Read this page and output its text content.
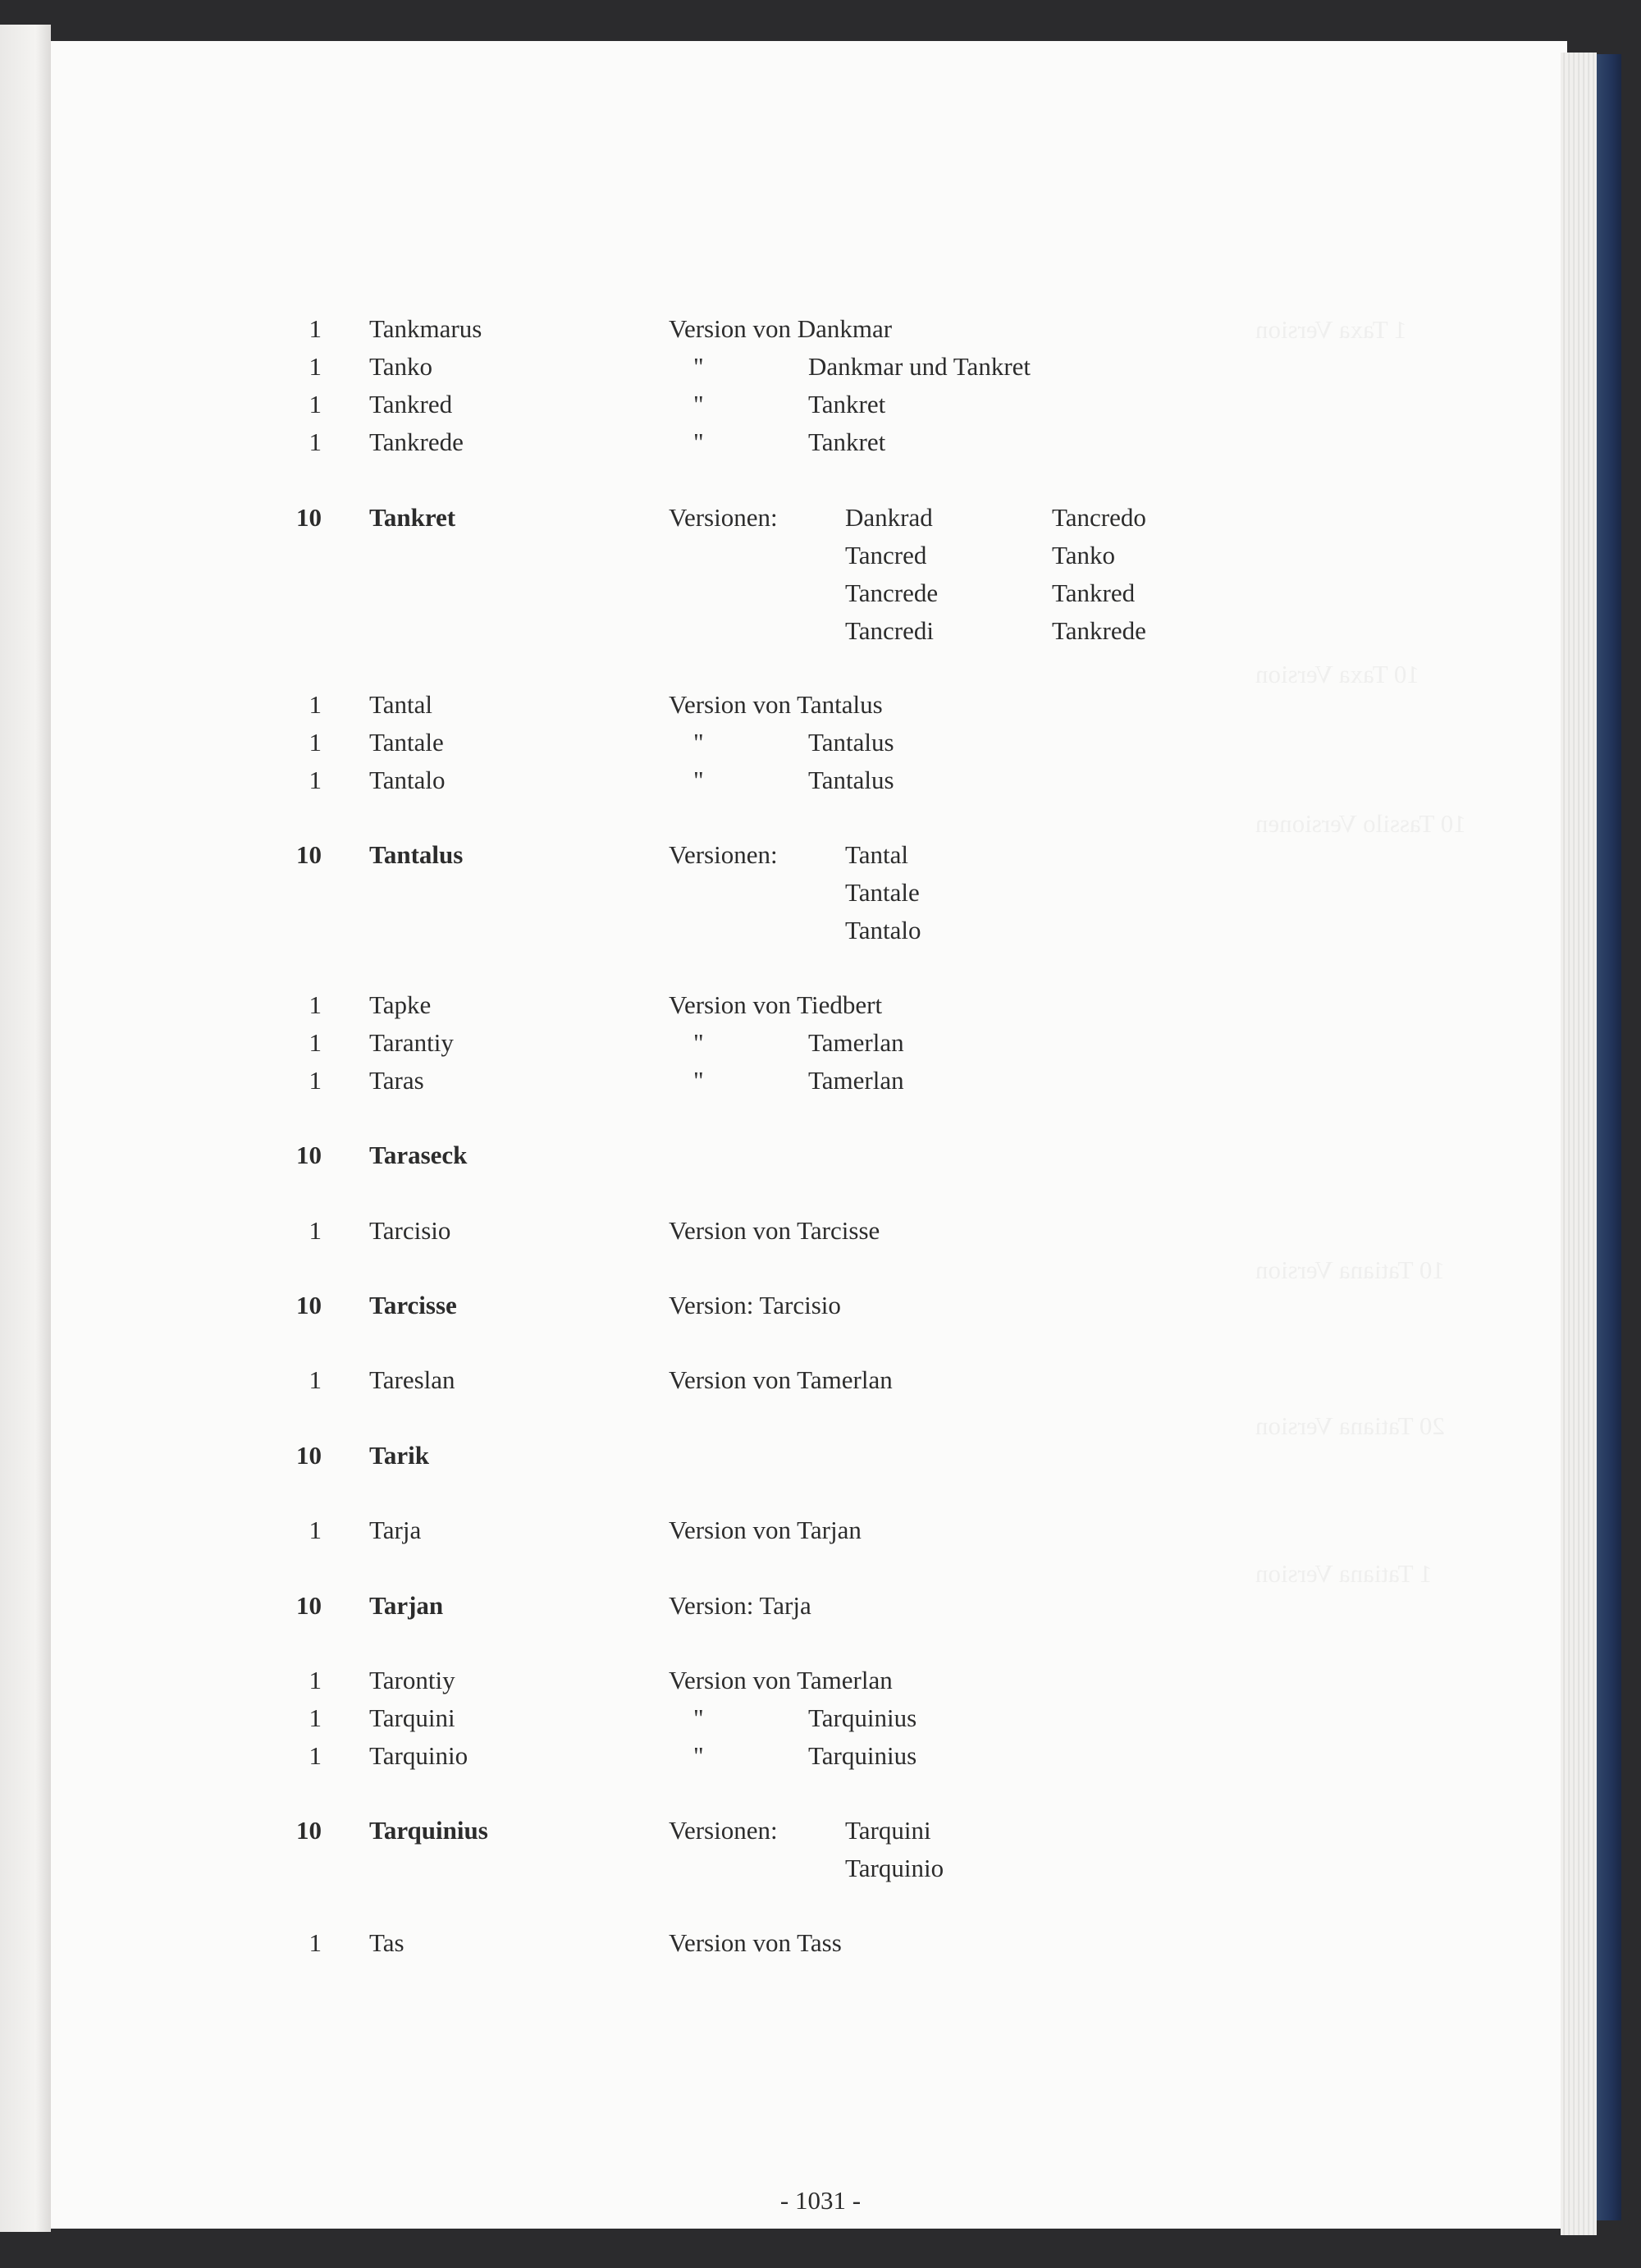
1 Taxa Version
10 Taxa Version
10 Tassilo Versionen
10 Tatiana Version
20 Tatiana Version
1 Tatiana Version
1 Tankmarus	Version von Dankmar
1 Tanko	"	Dankmar und Tankret
1 Tankred	"	Tankret
1 Tankrede	"	Tankret
10 Tankret	Versionen:	Dankrad	Tancredo
Tancred	Tanko
Tancrede	Tankred
Tancredi	Tankrede
1 Tantal	Version von Tantalus
1 Tantale	"	Tantalus
1 Tantalo	"	Tantalus
10 Tantalus	Versionen:	Tantal
Tantale
Tantalo
1 Tapke	Version von Tiedbert
1 Tarantiy	"	Tamerlan
1 Taras	"	Tamerlan
10 Taraseck
1 Tarcisio	Version von Tarcisse
10 Tarcisse	Version: Tarcisio
1 Tareslan	Version von Tamerlan
10 Tarik
1 Tarja	Version von Tarjan
10 Tarjan	Version: Tarja
1 Tarontiy	Version von Tamerlan
1 Tarquini	"	Tarquinius
1 Tarquinio	"	Tarquinius
10 Tarquinius	Versionen:	Tarquini
Tarquinio
1 Tas	Version von Tass
- 1031 -
